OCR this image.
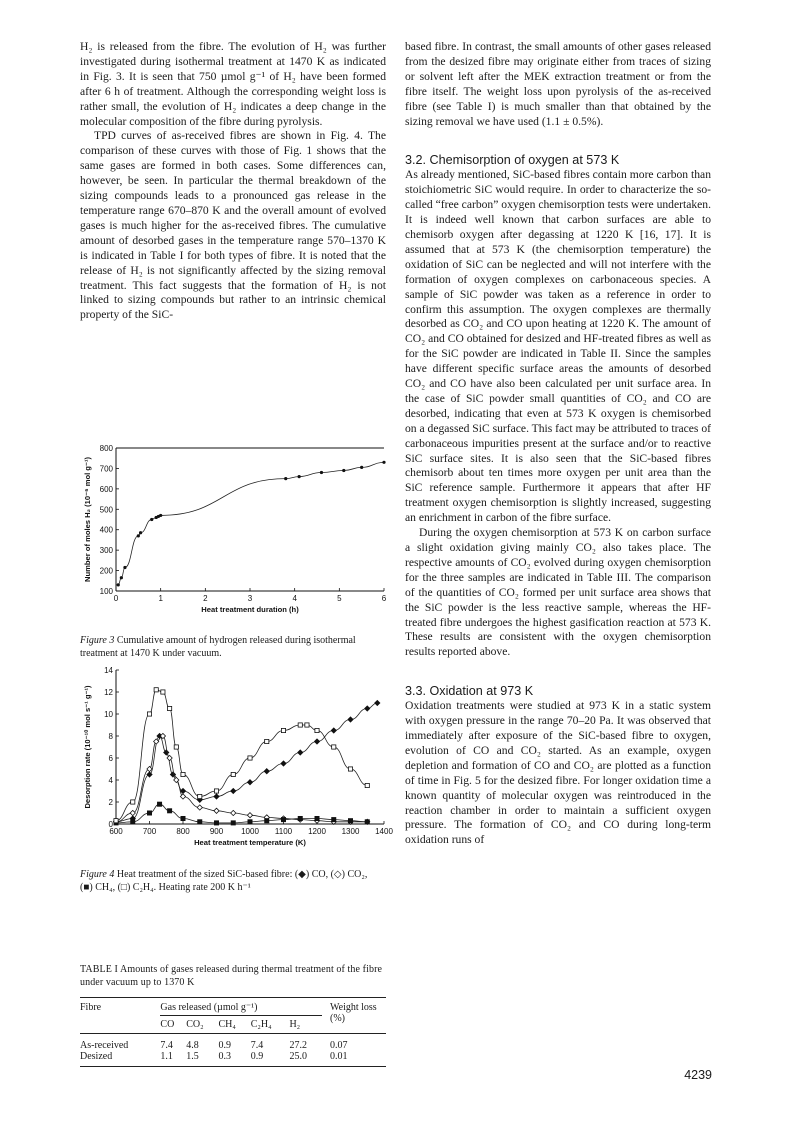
H₂ is released from the fibre. The evolution of H₂ was further investigated during isothermal treatment at 1470 K as indicated in Fig. 3. It is seen that 750 µmol g⁻¹ of H₂ have been formed after 6 h of treatment. Although the corresponding weight loss is rather small, the evolution of H₂ indicates a deep change in the molecular composition of the fibre during pyrolysis.

TPD curves of as-received fibres are shown in Fig. 4. The comparison of these curves with those of Fig. 1 shows that the same gases are formed in both cases. Some differences can, however, be seen. In particular the thermal breakdown of the sizing compounds leads to a pronounced gas release in the temperature range 670–870 K and the overall amount of evolved gases is much higher for the as-received fibres. The cumulative amount of desorbed gases in the temperature range 570–1370 K is indicated in Table I for both types of fibre. It is noted that the release of H₂ is not significantly affected by the sizing removal treatment. This fact suggests that the formation of H₂ is not linked to sizing compounds but rather to an intrinsic chemical property of the SiC-

0	1	2	3	4	5	6
100
200
300
400
500
600
700
800
Heat treatment duration (h)
Number of moles H₂ (10⁻⁶ mol g⁻¹)

Figure 3 Cumulative amount of hydrogen released during isothermal treatment at 1470 K under vacuum.

600	700	800	900 1000 1100 1200 1300 1400
0
2
4
6
8
10
12
14
Heat treatment temperature (K)
Desorption rate (10⁻¹⁰ mol s⁻¹ g⁻¹)

Figure 4 Heat treatment of the sized SiC-based fibre: (◆) CO, (◇) CO₂, (■) CH₄, (□) C₂H₄. Heating rate 200 K h⁻¹

TABLE I Amounts of gases released during thermal treatment of the fibre under vacuum up to 1370 K

Fibre	Gas released (µmol g⁻¹)					Weight loss (%)
	CO	CO₂	CH₄	C₂H₄	H₂	
As-received	7.4	4.8	0.9	7.4	27.2	0.07
Desized	1.1	1.5	0.3	0.9	25.0	0.01

based fibre. In contrast, the small amounts of other gases released from the desized fibre may originate either from traces of sizing or solvent left after the MEK extraction treatment or from the fibre itself. The weight loss upon pyrolysis of the as-received fibre (see Table I) is much smaller than that obtained by the sizing removal we have used (1.1 ± 0.5%).

3.2. Chemisorption of oxygen at 573 K

As already mentioned, SiC-based fibres contain more carbon than stoichiometric SiC would require. In order to characterize the so-called “free carbon” oxygen chemisorption tests were undertaken. It is indeed well known that carbon surfaces are able to chemisorb oxygen after degassing at 1220 K [16, 17]. It is assumed that at 573 K (the chemisorption temperature) the oxidation of SiC can be neglected and will not interfere with the formation of oxygen complexes on carbonaceous species. A sample of SiC powder was taken as a reference in order to confirm this assumption. The oxygen complexes are thermally desorbed as CO₂ and CO upon heating at 1220 K. The amount of CO₂ and CO obtained for desized and HF-treated fibres as well as for the SiC powder are indicated in Table II. Since the samples have different specific surface areas the amounts of desorbed CO₂ and CO have also been calculated per unit surface area. In the case of SiC powder small quantities of CO₂ and CO are desorbed, indicating that even at 573 K oxygen is chemisorbed on a degassed SiC surface. This fact may be attributed to traces of carbonaceous impurities present at the surface and/or to reactive SiC surface sites. It is also seen that the SiC-based fibres chemisorb about ten times more oxygen per unit area than the SiC reference sample. Furthermore it appears that after HF treatment oxygen chemisorption is slightly increased, suggesting an enrichment in carbon of the fibre surface.

During the oxygen chemisorption at 573 K on carbon surface a slight oxidation giving mainly CO₂ also takes place. The respective amounts of CO₂ evolved during oxygen chemisorption for the three samples are indicated in Table III. The comparison of the quantities of CO₂ formed per unit surface area shows that the SiC powder is the less reactive sample, whereas the HF-treated fibre undergoes the highest gasification reaction at 573 K. These results are consistent with the oxygen chemisorption results reported above.

3.3. Oxidation at 973 K

Oxidation treatments were studied at 973 K in a static system with oxygen pressure in the range 70–20 Pa. It was observed that immediately after exposure of the SiC-based fibre to oxygen, evolution of CO and CO₂ started. As an example, oxygen depletion and formation of CO and CO₂ are plotted as a function of time in Fig. 5 for the desized fibre. For longer oxidation time a known quantity of molecular oxygen was reintroduced in the reaction chamber in order to maintain a sufficient oxygen pressure. The formation of CO₂ and CO during long-term oxidation runs of

4239
